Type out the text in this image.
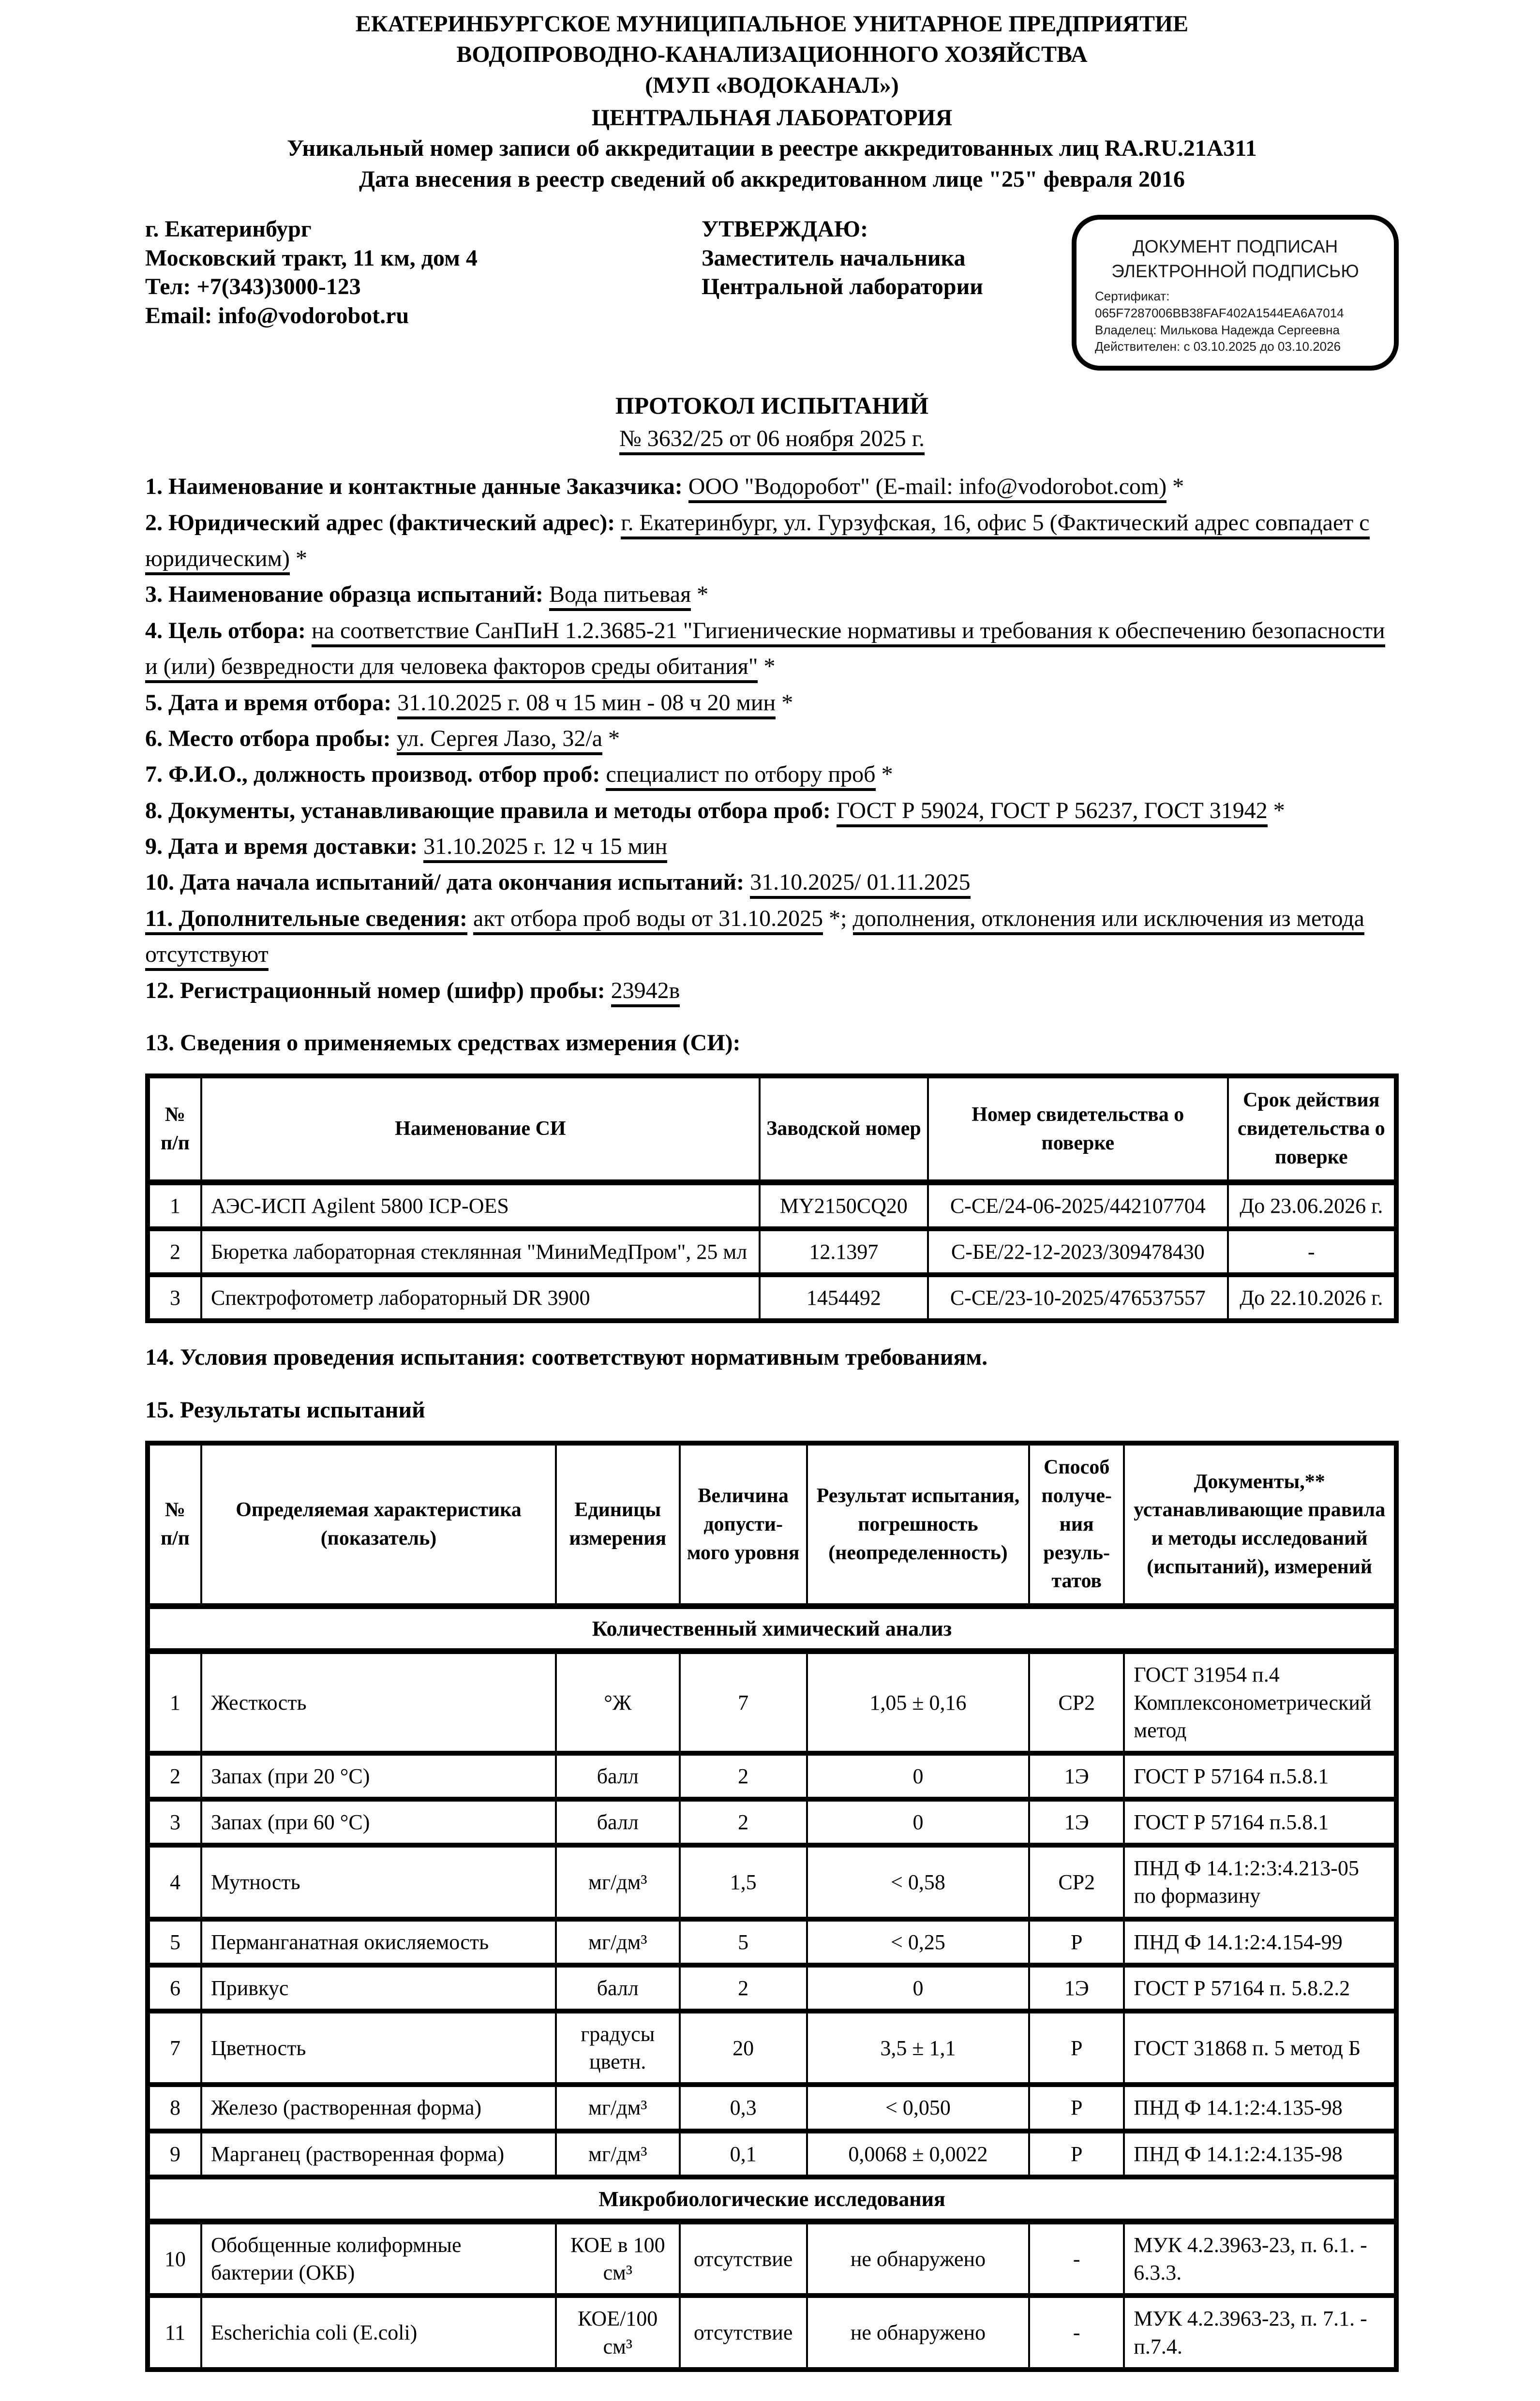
ЕКАТЕРИНБУРГСКОЕ МУНИЦИПАЛЬНОЕ УНИТАРНОЕ ПРЕДПРИЯТИЕ
ВОДОПРОВОДНО-КАНАЛИЗАЦИОННОГО ХОЗЯЙСТВА
(МУП «ВОДОКАНАЛ»)
ЦЕНТРАЛЬНАЯ ЛАБОРАТОРИЯ
Уникальный номер записи об аккредитации в реестре аккредитованных лиц RA.RU.21А311
Дата внесения в реестр сведений об аккредитованном лице "25" февраля 2016
г. Екатеринбург
Московский тракт, 11 км, дом 4
Тел: +7(343)3000-123
Email: info@vodorobot.ru
УТВЕРЖДАЮ:
Заместитель начальника
Центральной лаборатории
ДОКУМЕНТ ПОДПИСАН
ЭЛЕКТРОННОЙ ПОДПИСЬЮ
Сертификат: 065F7287006BB38FAF402A1544EA6A7014
Владелец: Милькова Надежда Сергеевна
Действителен: с 03.10.2025 до 03.10.2026
ПРОТОКОЛ ИСПЫТАНИЙ
№ 3632/25 от 06 ноября 2025 г.

1. Наименование и контактные данные Заказчика: ООО "Водоробот" (E-mail: info@vodorobot.com) *

2. Юридический адрес (фактический адрес): г. Екатеринбург, ул. Гурзуфская, 16, офис 5 (Фактический адрес совпадает с юридическим) *

3. Наименование образца испытаний: Вода питьевая *

4. Цель отбора: на соответствие СанПиН 1.2.3685-21 "Гигиенические нормативы и требования к обеспечению безопасности и (или) безвредности для человека факторов среды обитания" *

5. Дата и время отбора: 31.10.2025 г. 08 ч 15 мин - 08 ч 20 мин *

6. Место отбора пробы: ул. Сергея Лазо, 32/а *

7. Ф.И.О., должность производ. отбор проб: специалист по отбору проб *

8. Документы, устанавливающие правила и методы отбора проб: ГОСТ Р 59024, ГОСТ Р 56237, ГОСТ 31942 *

9. Дата и время доставки: 31.10.2025 г. 12 ч 15 мин

10. Дата начала испытаний/ дата окончания испытаний: 31.10.2025/ 01.11.2025

11. Дополнительные сведения: акт отбора проб воды от 31.10.2025 *; дополнения, отклонения или исключения из метода отсутствуют

12. Регистрационный номер (шифр) пробы: 23942в

13. Сведения о применяемых средствах измерения (СИ):

№ п/п	Наименование СИ	Заводской номер	Номер свидетельства о поверке	Срок действия свидетельства о поверке
1	АЭС-ИСП Agilent 5800 ICP-OES	MY2150CQ20	С-СЕ/24-06-2025/442107704	До 23.06.2026 г.
2	Бюретка лабораторная стеклянная "МиниМедПром", 25 мл	12.1397	С-БЕ/22-12-2023/309478430	-
3	Спектрофотометр лабораторный DR 3900	1454492	С-СЕ/23-10-2025/476537557	До 22.10.2026 г.

14. Условия проведения испытания: соответствуют нормативным требованиям.

15. Результаты испытаний

№ п/п	Определяемая характеристика (показатель)	Единицы измерения	Величина допусти-мого уровня	Результат испытания, погрешность (неопределенность)	Способ получе-ния резуль-татов	Документы,** устанавливающие правила и методы исследований (испытаний), измерений
Количественный химический анализ						
1	Жесткость	°Ж	7	1,05 ± 0,16	СР2	ГОСТ 31954 п.4 Комплексонометрический метод
2	Запах (при 20 °С)	балл	2	0	1Э	ГОСТ Р 57164 п.5.8.1
3	Запах (при 60 °С)	балл	2	0	1Э	ГОСТ Р 57164 п.5.8.1
4	Мутность	мг/дм³	1,5	< 0,58	СР2	ПНД Ф 14.1:2:3:4.213-05 по формазину
5	Перманганатная окисляемость	мг/дм³	5	< 0,25	Р	ПНД Ф 14.1:2:4.154-99
6	Привкус	балл	2	0	1Э	ГОСТ Р 57164 п. 5.8.2.2
7	Цветность	градусы цветн.	20	3,5 ± 1,1	Р	ГОСТ 31868 п. 5 метод Б
8	Железо (растворенная форма)	мг/дм³	0,3	< 0,050	Р	ПНД Ф 14.1:2:4.135-98
9	Марганец (растворенная форма)	мг/дм³	0,1	0,0068 ± 0,0022	Р	ПНД Ф 14.1:2:4.135-98
Микробиологические исследования						
10	Обобщенные колиформные бактерии (ОКБ)	КОЕ в 100 см³	отсутствие	не обнаружено	-	МУК 4.2.3963-23, п. 6.1. - 6.3.3.
11	Escherichia coli (E.coli)	КОЕ/100 см³	отсутствие	не обнаружено	-	МУК 4.2.3963-23, п. 7.1. - п.7.4.
